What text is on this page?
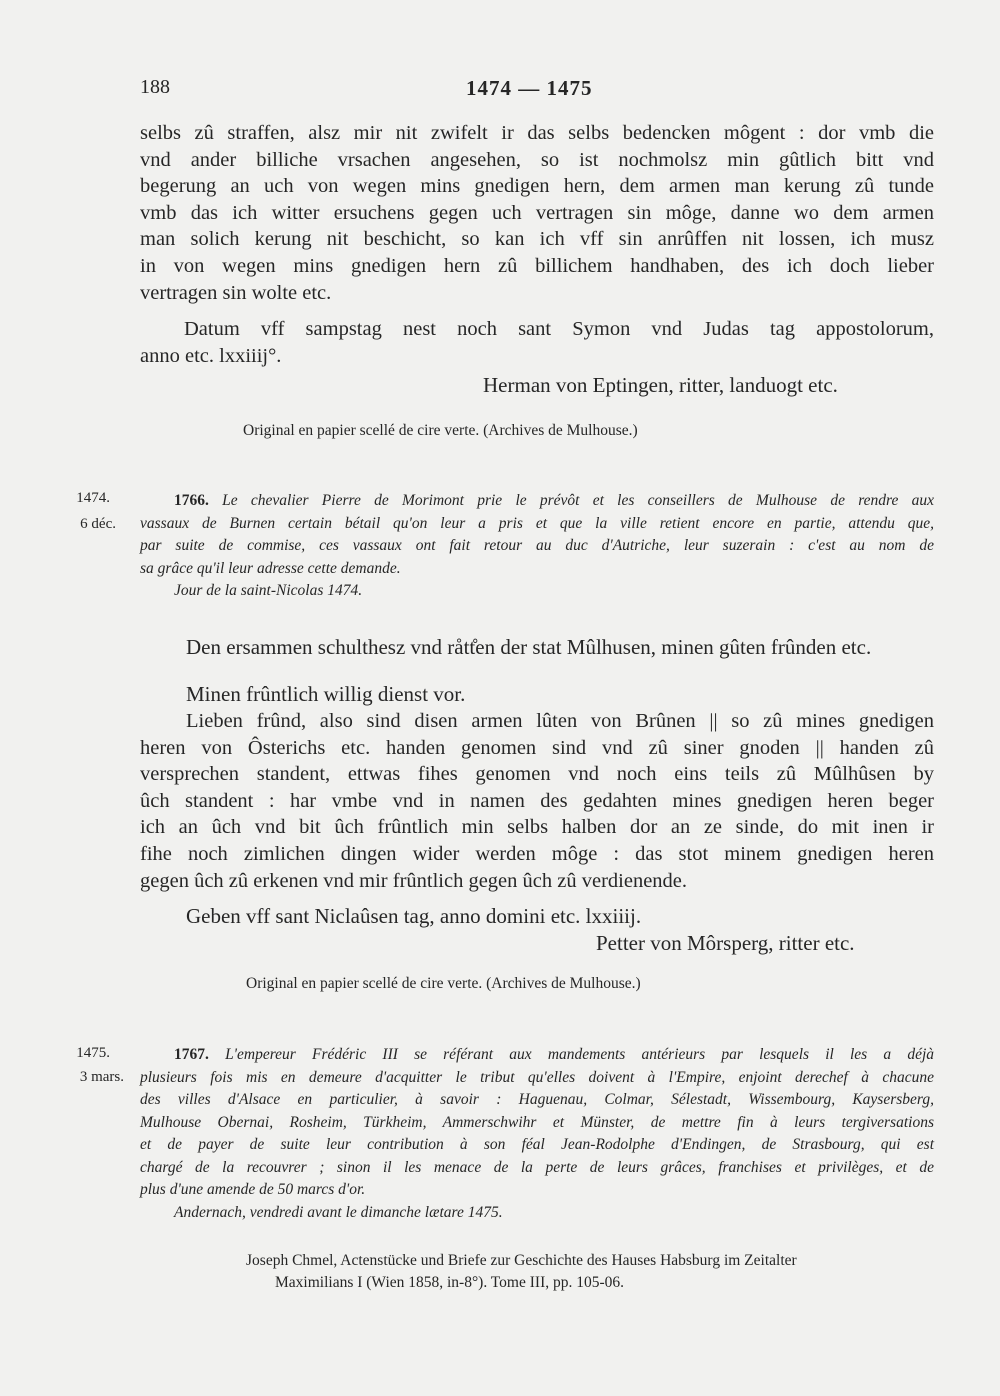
188	1474 — 1475
selbs zû straffen, alsz mir nit zwifelt ir das selbs bedencken môgent : dor vmb die
vnd ander billiche vrsachen angesehen, so ist nochmolsz min gûtlich bitt vnd
begerung an uch von wegen mins gnedigen hern, dem armen man kerung zû tunde
vmb das ich witter ersuchens gegen uch vertragen sin môge, danne wo dem armen
man solich kerung nit beschicht, so kan ich vff sin anrûffen nit lossen, ich musz
in von wegen mins gnedigen hern zû billichem handhaben, des ich doch lieber
vertragen sin wolte etc.
Datum vff sampstag nest noch sant Symon vnd Judas tag appostolorum,
anno etc. lxxiiij°.
Herman von Eptingen, ritter, landuogt etc.
Original en papier scellé de cire verte. (Archives de Mulhouse.)
1474.
6 déc.
1766. Le chevalier Pierre de Morimont prie le prévôt et les conseillers de Mulhouse de rendre aux
vassaux de Burnen certain bétail qu'on leur a pris et que la ville retient encore en partie, attendu que,
par suite de commise, ces vassaux ont fait retour au duc d'Autriche, leur suzerain : c'est au nom de
sa grâce qu'il leur adresse cette demande.
Jour de la saint-Nicolas 1474.
Den ersammen schulthesz vnd rått̊en der stat Mûlhusen, minen gûten frûnden etc.
Minen frûntlich willig dienst vor.
Lieben frûnd, also sind disen armen lûten von Brûnen || so zû mines gnedigen
heren von Ôsterichs etc. handen genomen sind vnd zû siner gnoden || handen zû
versprechen standent, ettwas fihes genomen vnd noch eins teils zû Mûlhûsen by
ûch standent : har vmbe vnd in namen des gedahten mines gnedigen heren beger
ich an ûch vnd bit ûch frûntlich min selbs halben dor an ze sinde, do mit inen ir
fihe noch zimlichen dingen wider werden môge : das stot minem gnedigen heren
gegen ûch zû erkenen vnd mir frûntlich gegen ûch zû verdienende.
Geben vff sant Niclaûsen tag, anno domini etc. lxxiiij.
Petter von Môrsperg, ritter etc.
Original en papier scellé de cire verte. (Archives de Mulhouse.)
1475.
3 mars.
1767. L'empereur Frédéric III se référant aux mandements antérieurs par lesquels il les a déjà
plusieurs fois mis en demeure d'acquitter le tribut qu'elles doivent à l'Empire, enjoint derechef à chacune
des villes d'Alsace en particulier, à savoir : Haguenau, Colmar, Sélestadt, Wissembourg, Kaysersberg,
Mulhouse Obernai, Rosheim, Türkheim, Ammerschwihr et Münster, de mettre fin à leurs tergiversations
et de payer de suite leur contribution à son féal Jean-Rodolphe d'Endingen, de Strasbourg, qui est
chargé de la recouvrer ; sinon il les menace de la perte de leurs grâces, franchises et privilèges, et de
plus d'une amende de 50 marcs d'or.
Andernach, vendredi avant le dimanche lætare 1475.
Joseph Chmel, Actenstücke und Briefe zur Geschichte des Hauses Habsburg im Zeitalter
Maximilians I (Wien 1858, in-8°). Tome III, pp. 105-06.
